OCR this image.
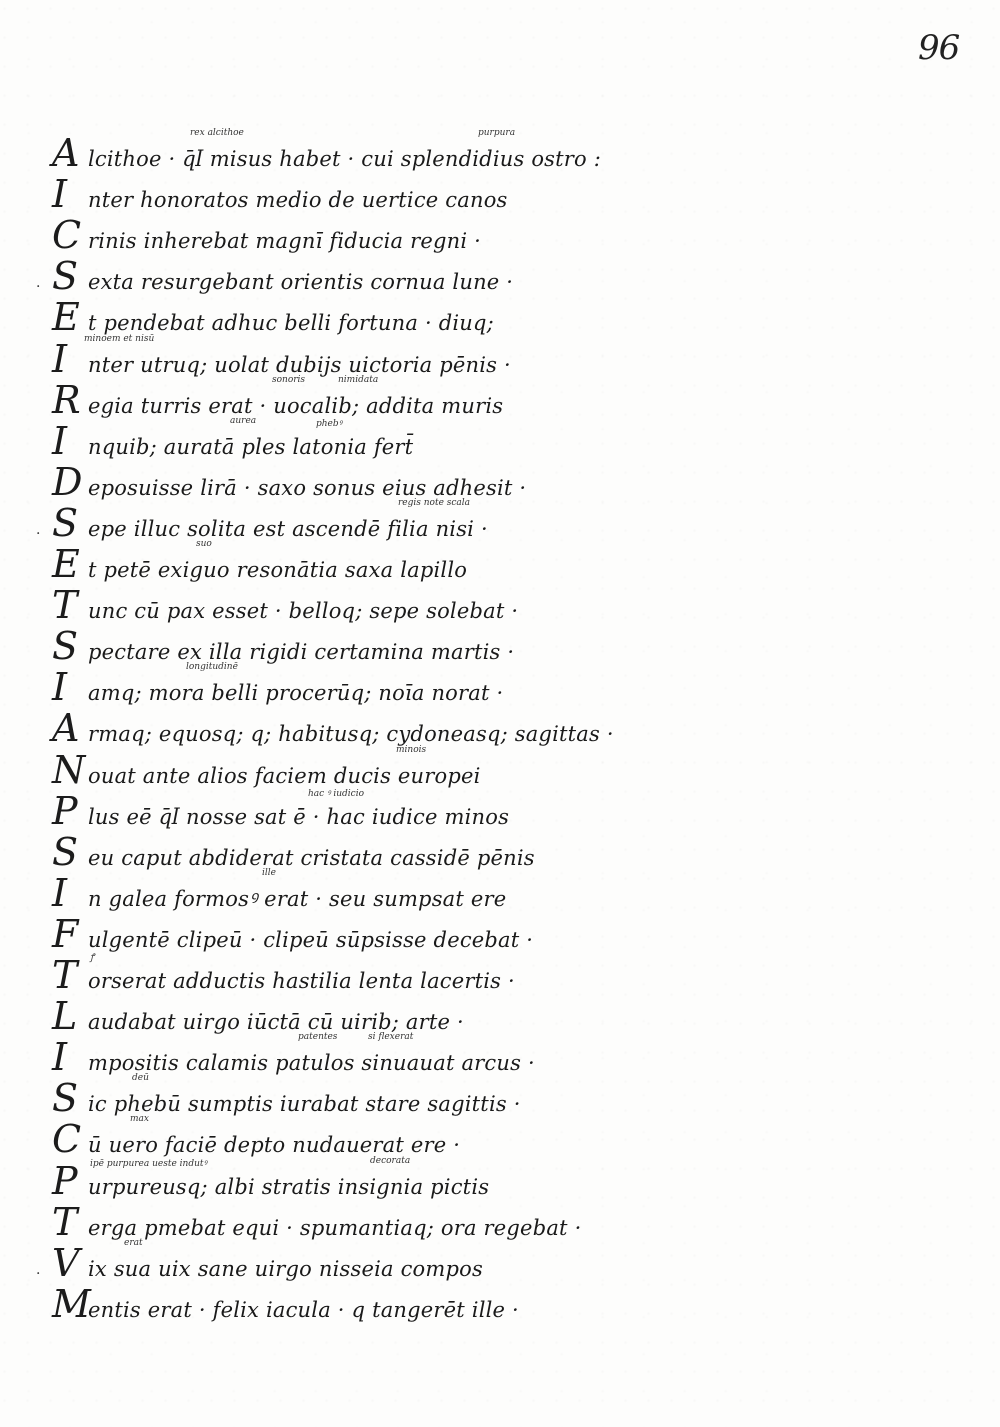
96
A lcithoe · q̄ӏ misus habet · cui splendidius ostro :
rex alcithoe	purpura
I nter honoratos medio de uertice canos
C rinis inherebat magnī fiducia regni ·
· S exta resurgebant orientis cornua lune ·
E t pendebat adhuc belli fortuna · diuq;
I nter utruq; uolat dubijs uictoria pēnis ·
minoem et nisū
R egia turris erat · uocalib; addita muris
sonoris	nimidata
I nquib; auratā ples latonia fert̄
aurea	phebꝰ
D eposuisse lirā · saxo sonus eius adhesit ·
· S epe illuc solita est ascendē filia nisi ·
regis note scala
E t petē exiguo resonātia saxa lapillo
suo
T unc cū pax esset · belloq; sepe solebat ·
S pectare ex illa rigidi certamina martis ·
I amq; mora belli procerūq; noīa norat ·
longitudinē
A rmaq; equosq; q; habitusq; cydoneasq; sagittas ·
N ouat ante alios faciem ducis europei
minois
P lus eē q̄ӏ nosse sat ē · hac iudice minos
hac ꝰ iudicio
S eu caput abdiderat cristata cassidē pēnis
I n galea formosꝰ erat · seu sumpsat ere
ille
F ulgentē clipeū · clipeū sūpsisse decebat ·
T orserat adductis hastilia lenta lacertis ·
ꝭ
L audabat uirgo iūctā cū uirib; arte ·
I mpositis calamis patulos sinuauat arcus ·
patentes	si flexerat
S ic phebū sumptis iurabat stare sagittis ·
deū
C ū uero faciē depto nudauerat ere ·
max
P urpureusq; albi stratis insignia pictis
ipē purpurea ueste indutꝰ	decorata
T erga pmebat equi · spumantiaq; ora regebat ·
· V ix sua uix sane uirgo nisseia compos
erat
M
entis erat · felix iacula · q tangerēt ille ·
